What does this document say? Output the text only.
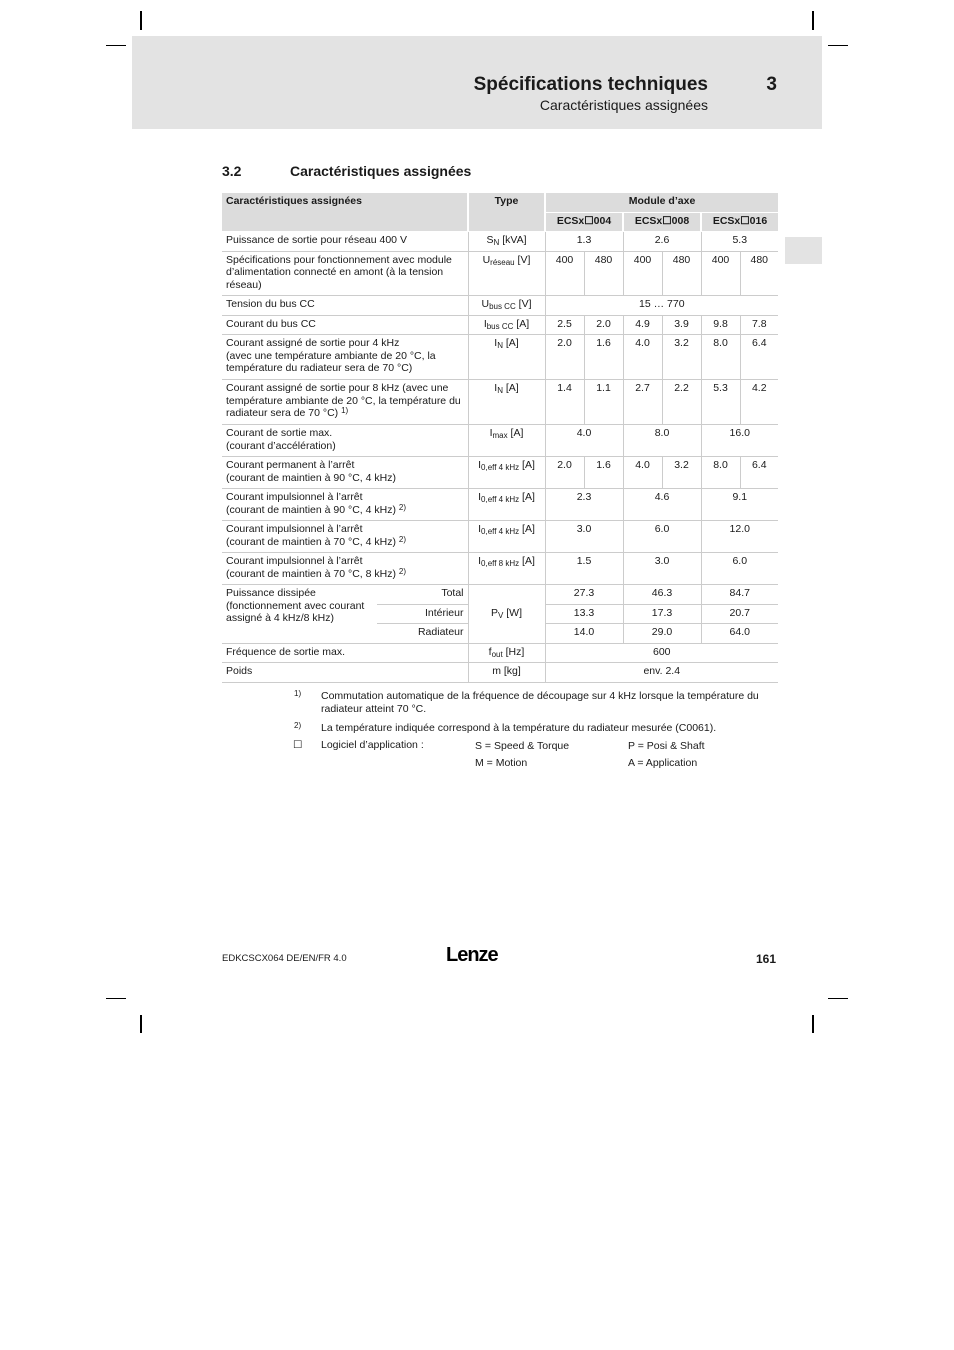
Spécifications techniques	3
Caractéristiques assignées
3.2	Caractéristiques assignées
Caractéristiques assignées		Type	Module d’axe					
			ECSx☐004		ECSx☐008		ECSx☐016	
Puissance de sortie pour réseau 400 V		$S_N$ [kVA]	1.3		2.6		5.3	
Spécifications pour fonctionnement avec module d’alimentation connecté en amont (à la tension réseau)		$U_{réseau}$ [V]	400	480	400	480	400	480
Tension du bus CC		$U_{bus CC}$ [V]	15 … 770					
Courant du bus CC		$I_{bus CC}$ [A]	2.5	2.0	4.9	3.9	9.8	7.8
Courant assigné de sortie pour 4 kHz
(avec une température ambiante de 20 °C, la température du radiateur sera de 70 °C)		$I_N$ [A]	2.0	1.6	4.0	3.2	8.0	6.4
Courant assigné de sortie pour 8 kHz (avec une température ambiante de 20 °C, la température du radiateur sera de 70 °C) $^{1)}$		$I_N$ [A]	1.4	1.1	2.7	2.2	5.3	4.2
Courant de sortie max.
(courant d’accélération)		$I_{max}$ [A]	4.0		8.0		16.0	
Courant permanent à l’arrêt
(courant de maintien à 90 °C, 4 kHz)		$I_{0,eff 4 kHz}$ [A]	2.0	1.6	4.0	3.2	8.0	6.4
Courant impulsionnel à l’arrêt
(courant de maintien à 90 °C, 4 kHz) $^{2)}$		$I_{0,eff 4 kHz}$ [A]	2.3		4.6		9.1	
Courant impulsionnel à l’arrêt
(courant de maintien à 70 °C, 4 kHz) $^{2)}$		$I_{0,eff 4 kHz}$ [A]	3.0		6.0		12.0	
Courant impulsionnel à l’arrêt
(courant de maintien à 70 °C, 8 kHz) $^{2)}$		$I_{0,eff 8 kHz}$ [A]	1.5		3.0		6.0	
Puissance dissipée (fonctionnement avec courant assigné à 4 kHz/8 kHz)	Total	$P_V$ [W]	27.3		46.3		84.7	
	Intérieur		13.3		17.3		20.7	
	Radiateur		14.0		29.0		64.0	
Fréquence de sortie max.		$f_{out}$ [Hz]	600					
Poids		m [kg]	env. 2.4					
1) Commutation automatique de la fréquence de découpage sur 4 kHz lorsque la température du radiateur atteint 70 °C.
2) La température indiquée correspond à la température du radiateur mesurée (C0061).
☐ Logiciel d’application :	S = Speed & Torque	P = Posi & Shaft
M = Motion	A = Application
EDKCSCX064 DE/EN/FR 4.0	Lenze	161
